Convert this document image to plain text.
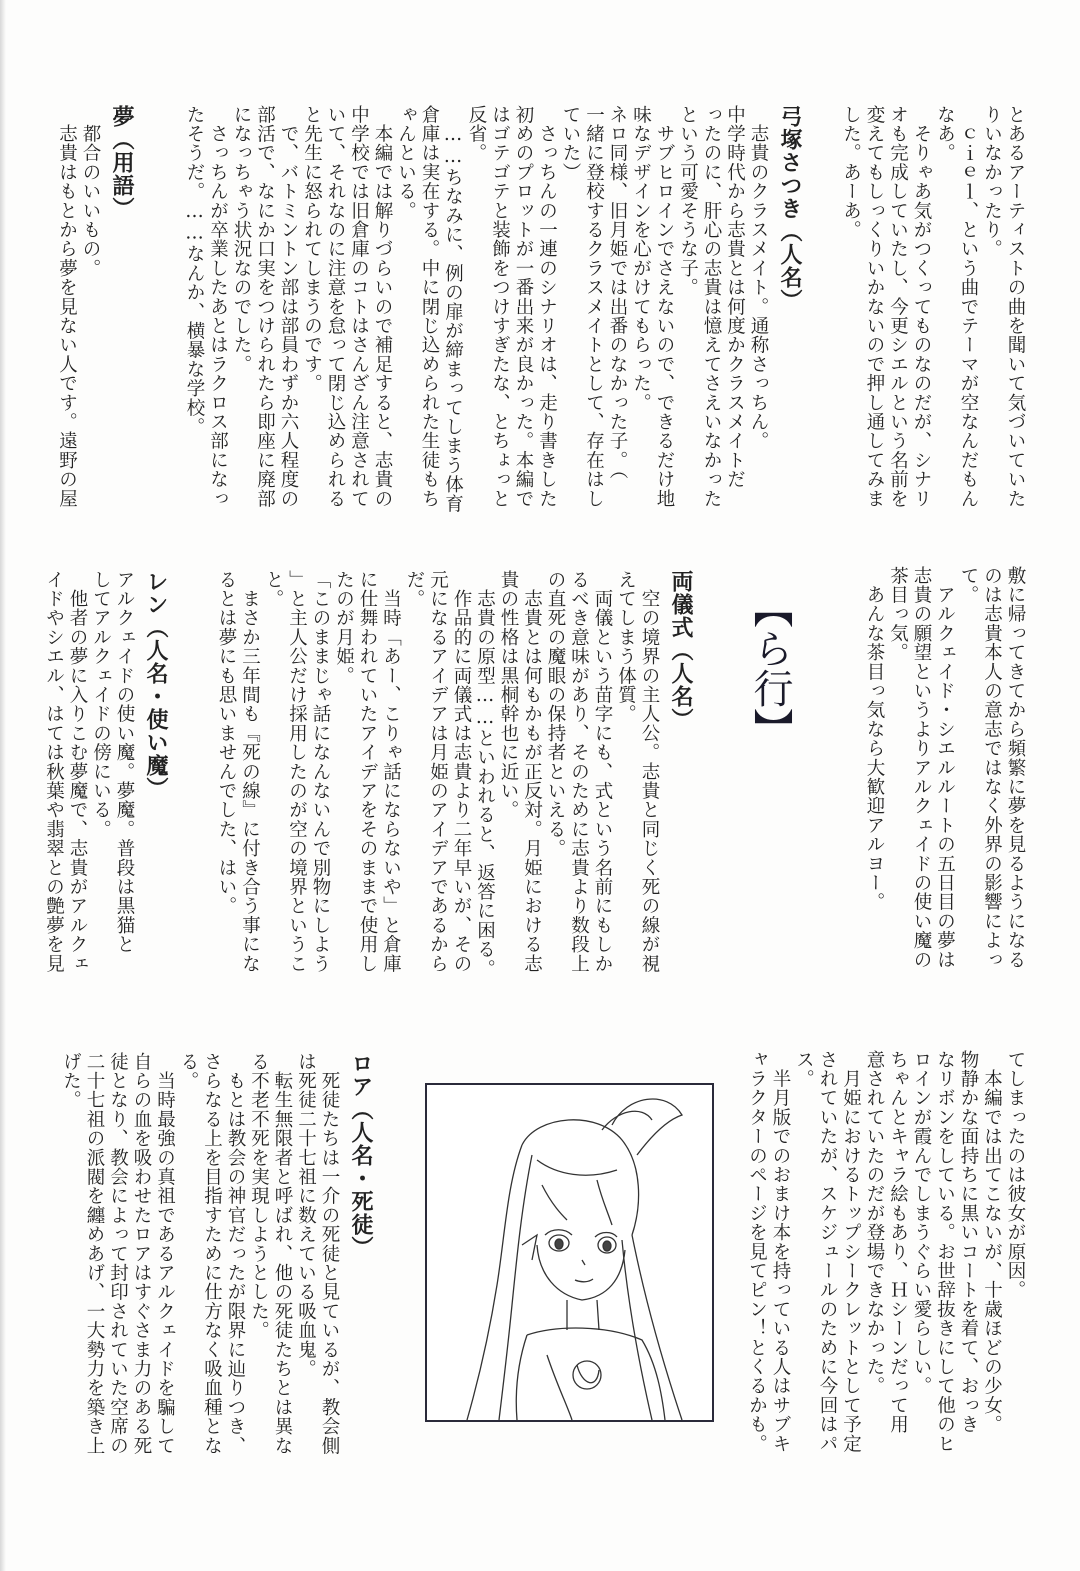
とあるアーティストの曲を聞いて気づいていた
りいなかったり。
　ｃｉｅｌ、という曲でテーマが空なんだもん
なあ。
　そりゃあ気がつくってものなのだが、シナリ
オも完成していたし、今更シエルという名前を
変えてもしっくりいかないので押し通してみま
した。あーあ。
弓塚さつき（人名）
　志貴のクラスメイト。通称さっちん。
中学時代から志貴とは何度かクラスメイトだ
ったのに、肝心の志貴は憶えてさえいなかった
という可愛そうな子。
　サブヒロインでさえないので、できるだけ地
味なデザインを心がけてもらった。
ネロ同様、旧月姫では出番のなかった子。（
一緒に登校するクラスメイトとして、存在はし
ていた）
　さっちんの一連のシナリオは、走り書きした
初めのプロットが一番出来が良かった。本編で
はゴテゴテと装飾をつけすぎたな、とちょっと
反省。
　……ちなみに、例の扉が締まってしまう体育
倉庫は実在する。中に閉じ込められた生徒もち
ゃんといる。
　本編では解りづらいので補足すると、志貴の
中学校では旧倉庫のコトはさんざん注意されて
いて、それなのに注意を怠って閉じ込められる
と先生に怒られてしまうのです。
　で、バトミントン部は部員わずか六人程度の
部活で、なにか口実をつけられたら即座に廃部
になっちゃう状況なのでした。
　さっちんが卒業したあとはラクロス部になっ
たそうだ。……なんか、横暴な学校。
夢（用語）
　都合のいいもの。
　志貴はもとから夢を見ない人です。遠野の屋
敷に帰ってきてから頻繁に夢を見るようになる
のは志貴本人の意志ではなく外界の影響によっ
て。
　アルクェイド・シエルルートの五日目の夢は
志貴の願望というよりアルクェイドの使い魔の
茶目っ気。
　あんな茶目っ気なら大歓迎アルヨー。
【ら行】
両儀式（人名）
　空の境界の主人公。志貴と同じく死の線が視
えてしまう体質。
　両儀という苗字にも、式という名前にもしか
るべき意味があり、そのために志貴より数段上
の直死の魔眼の保持者といえる。
　志貴とは何もかもが正反対。月姫における志
貴の性格は黒桐幹也に近い。
　志貴の原型……といわれると、返答に困る。
　作品的に両儀式は志貴より二年早いが、その
元になるアイデアは月姫のアイデアであるから
だ。
　当時「あー、こりゃ話にならないや」と倉庫
に仕舞われていたアイデアをそのままで使用し
たのが月姫。
「このままじゃ話になんないんで別物にしよう
」と主人公だけ採用したのが空の境界というこ
と。
　まさか三年間も『死の線』に付き合う事にな
るとは夢にも思いませんでした、はい。
レン（人名・使い魔）
アルクェイドの使い魔。夢魔。普段は黒猫と
してアルクェイドの傍にいる。
　他者の夢に入りこむ夢魔で、志貴がアルクェ
イドやシエル、はては秋葉や翡翠との艶夢を見
てしまったのは彼女が原因。
　本編では出てこないが、十歳ほどの少女。
物静かな面持ちに黒いコートを着て、おっき
なリボンをしている。お世辞抜きにして他のヒ
ロインが霞んでしまうぐらい愛らしい。
ちゃんとキャラ絵もあり、Ｈシーンだって用
意されていたのだが登場できなかった。
　月姫におけるトップシークレットとして予定
されていたが、スケジュールのために今回はパ
ス。
　半月版でのおまけ本を持っている人はサブキ
ャラクターのページを見てピン！とくるかも。
ロア（人名・死徒）
　死徒たちは一介の死徒と見ているが、教会側
は死徒二十七祖に数えている吸血鬼。
　転生無限者と呼ばれ、他の死徒たちとは異な
る不老不死を実現しようとした。
　もとは教会の神官だったが限界に辿りつき、
さらなる上を目指すために仕方なく吸血種とな
る。
　当時最強の真祖であるアルクェイドを騙して
自らの血を吸わせたロアはすぐさま力のある死
徒となり、教会によって封印されていた空席の
二十七祖の派閥を纏めあげ、一大勢力を築き上
げた。
